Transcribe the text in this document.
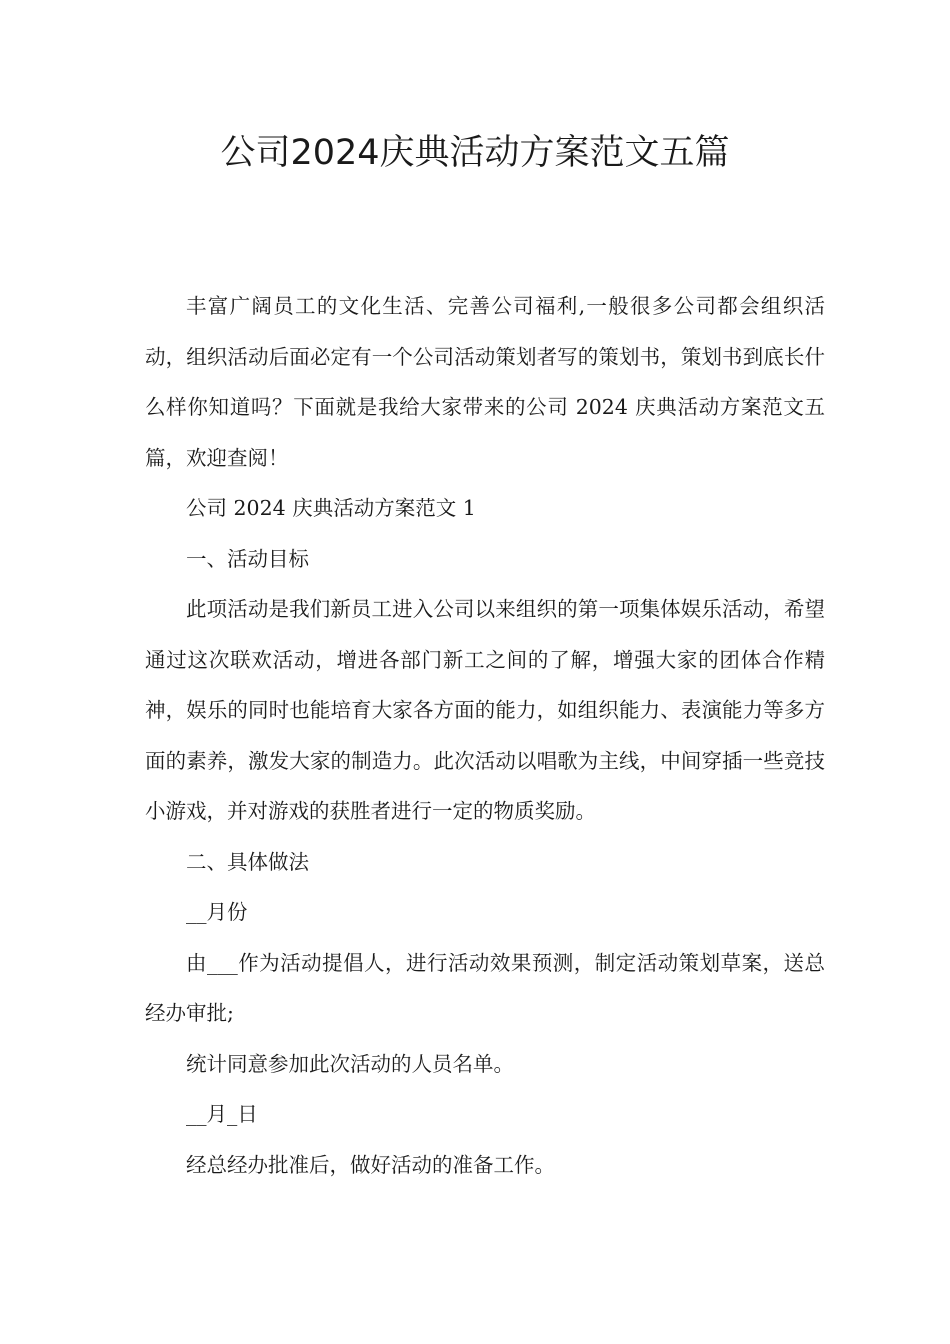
公司2024庆典活动方案范文五篇

丰富广阔员工的文化生活、完善公司福利,一般很多公司都会组织活动，组织活动后面必定有一个公司活动策划者写的策划书，策划书到底长什么样你知道吗？下面就是我给大家带来的公司 2024 庆典活动方案范文五篇，欢迎查阅！

公司 2024 庆典活动方案范文 1

一、活动目标

此项活动是我们新员工进入公司以来组织的第一项集体娱乐活动，希望通过这次联欢活动，增进各部门新工之间的了解，增强大家的团体合作精神，娱乐的同时也能培育大家各方面的能力，如组织能力、表演能力等多方面的素养，激发大家的制造力。此次活动以唱歌为主线，中间穿插一些竞技小游戏，并对游戏的获胜者进行一定的物质奖励。

二、具体做法

__月份

由___作为活动提倡人，进行活动效果预测，制定活动策划草案，送总经办审批;

统计同意参加此次活动的人员名单。

__月_日

经总经办批准后，做好活动的准备工作。
